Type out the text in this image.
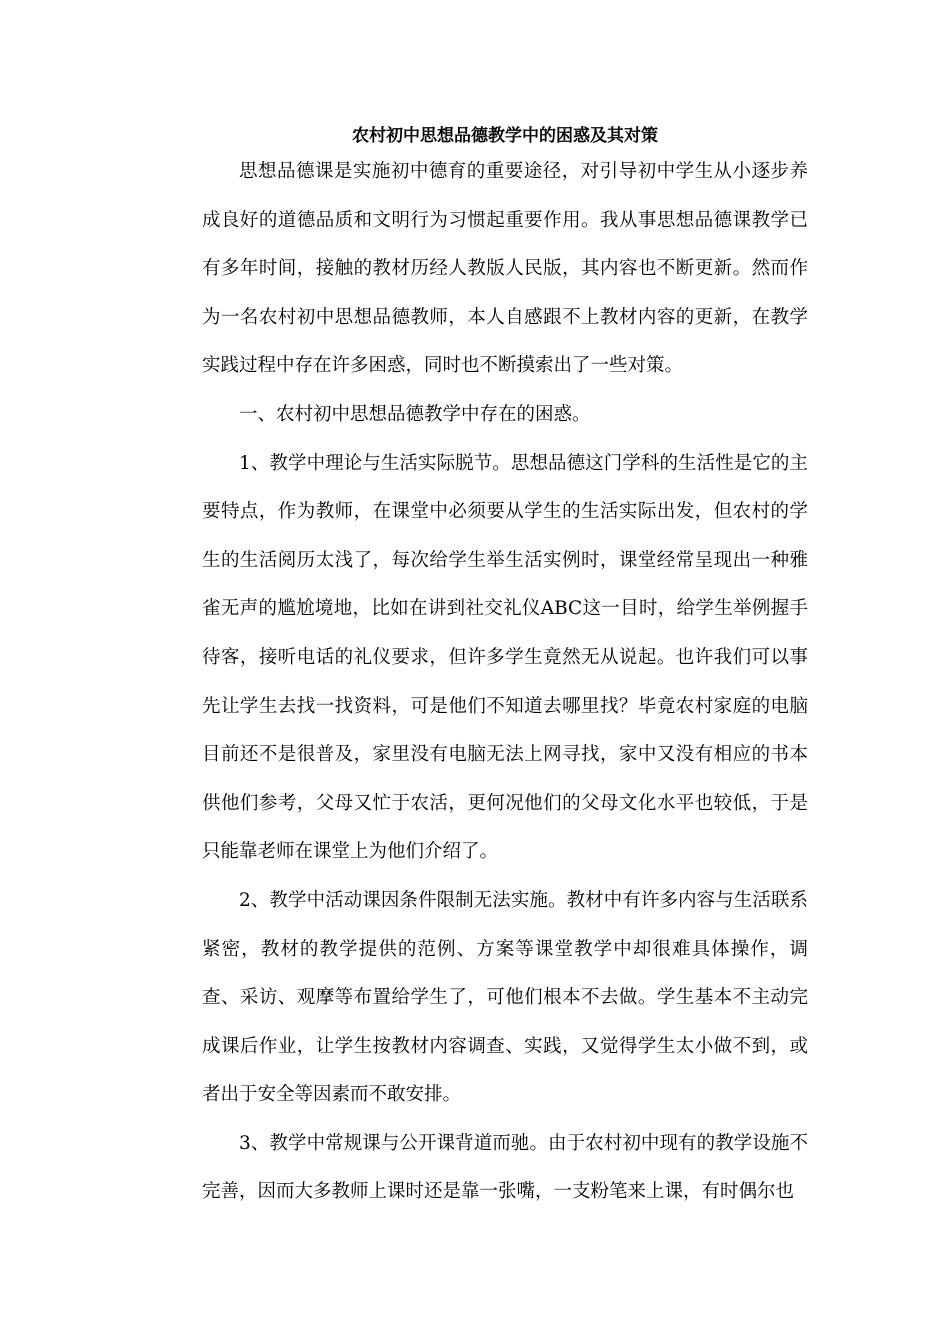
农村初中思想品德教学中的困惑及其对策

思想品德课是实施初中德育的重要途径，对引导初中学生从小逐步养成良好的道德品质和文明行为习惯起重要作用。我从事思想品德课教学已有多年时间，接触的教材历经人教版人民版，其内容也不断更新。然而作为一名农村初中思想品德教师，本人自感跟不上教材内容的更新，在教学实践过程中存在许多困惑，同时也不断摸索出了一些对策。

一、农村初中思想品德教学中存在的困惑。

1、教学中理论与生活实际脱节。思想品德这门学科的生活性是它的主要特点，作为教师，在课堂中必须要从学生的生活实际出发，但农村的学生的生活阅历太浅了，每次给学生举生活实例时，课堂经常呈现出一种雅雀无声的尴尬境地，比如在讲到社交礼仪ABC这一目时，给学生举例握手待客，接听电话的礼仪要求，但许多学生竟然无从说起。也许我们可以事先让学生去找一找资料，可是他们不知道去哪里找？毕竟农村家庭的电脑目前还不是很普及，家里没有电脑无法上网寻找，家中又没有相应的书本供他们参考，父母又忙于农活，更何况他们的父母文化水平也较低，于是只能靠老师在课堂上为他们介绍了。

2、教学中活动课因条件限制无法实施。教材中有许多内容与生活联系紧密，教材的教学提供的范例、方案等课堂教学中却很难具体操作，调查、采访、观摩等布置给学生了，可他们根本不去做。学生基本不主动完成课后作业，让学生按教材内容调查、实践，又觉得学生太小做不到，或者出于安全等因素而不敢安排。

3、教学中常规课与公开课背道而驰。由于农村初中现有的教学设施不完善，因而大多教师上课时还是靠一张嘴，一支粉笔来上课，有时偶尔也
